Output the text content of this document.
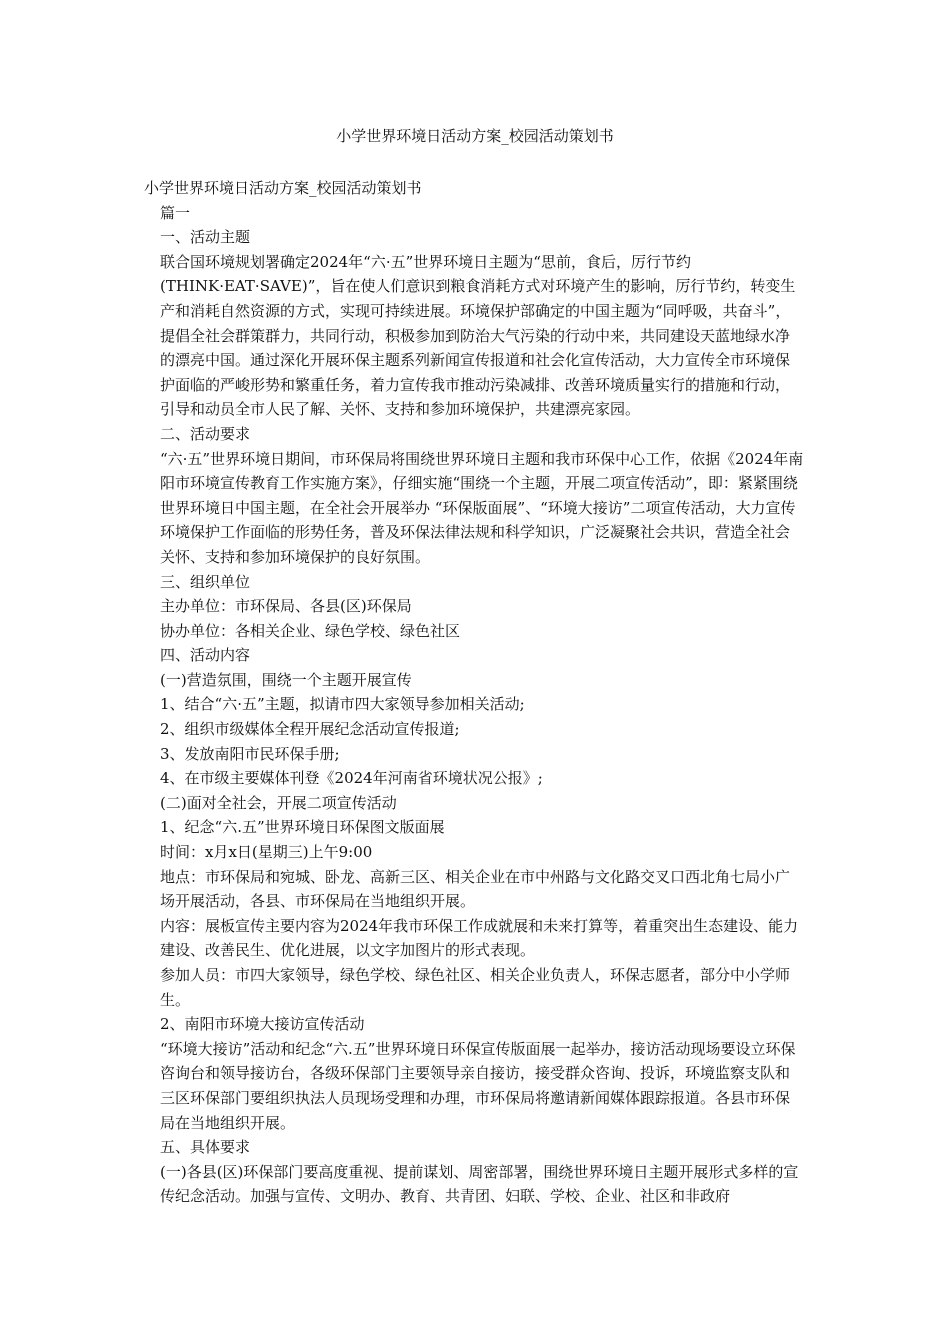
小学世界环境日活动方案_校园活动策划书

小学世界环境日活动方案_校园活动策划书

篇一

一、活动主题

联合国环境规划署确定2024年“六·五”世界环境日主题为“思前，食后，厉行节约(THINK·EAT·SAVE)”，旨在使人们意识到粮食消耗方式对环境产生的影响，厉行节约，转变生产和消耗自然资源的方式，实现可持续进展。环境保护部确定的中国主题为“同呼吸，共奋斗”，提倡全社会群策群力，共同行动，积极参加到防治大气污染的行动中来，共同建设天蓝地绿水净的漂亮中国。通过深化开展环保主题系列新闻宣传报道和社会化宣传活动，大力宣传全市环境保护面临的严峻形势和繁重任务，着力宣传我市推动污染减排、改善环境质量实行的措施和行动，引导和动员全市人民了解、关怀、支持和参加环境保护，共建漂亮家园。

二、活动要求

“六·五”世界环境日期间，市环保局将围绕世界环境日主题和我市环保中心工作，依据《2024年南阳市环境宣传教育工作实施方案》，仔细实施“围绕一个主题，开展二项宣传活动”，即：紧紧围绕世界环境日中国主题，在全社会开展举办 “环保版面展”、“环境大接访”二项宣传活动，大力宣传环境保护工作面临的形势任务，普及环保法律法规和科学知识，广泛凝聚社会共识，营造全社会关怀、支持和参加环境保护的良好氛围。

三、组织单位

主办单位：市环保局、各县(区)环保局

协办单位：各相关企业、绿色学校、绿色社区

四、活动内容

(一)营造氛围，围绕一个主题开展宣传

1、结合“六·五”主题，拟请市四大家领导参加相关活动;

2、组织市级媒体全程开展纪念活动宣传报道;

3、发放南阳市民环保手册;

4、在市级主要媒体刊登《2024年河南省环境状况公报》;

(二)面对全社会，开展二项宣传活动

1、纪念“六.五”世界环境日环保图文版面展

时间：x月x日(星期三)上午9:00

地点：市环保局和宛城、卧龙、高新三区、相关企业在市中州路与文化路交叉口西北角七局小广场开展活动，各县、市环保局在当地组织开展。

内容：展板宣传主要内容为2024年我市环保工作成就展和未来打算等，着重突出生态建设、能力建设、改善民生、优化进展，以文字加图片的形式表现。

参加人员：市四大家领导，绿色学校、绿色社区、相关企业负责人，环保志愿者，部分中小学师生。

2、南阳市环境大接访宣传活动

“环境大接访”活动和纪念“六.五”世界环境日环保宣传版面展一起举办，接访活动现场要设立环保咨询台和领导接访台，各级环保部门主要领导亲自接访，接受群众咨询、投诉，环境监察支队和三区环保部门要组织执法人员现场受理和办理，市环保局将邀请新闻媒体跟踪报道。各县市环保局在当地组织开展。

五、具体要求

(一)各县(区)环保部门要高度重视、提前谋划、周密部署，围绕世界环境日主题开展形式多样的宣传纪念活动。加强与宣传、文明办、教育、共青团、妇联、学校、企业、社区和非政府
